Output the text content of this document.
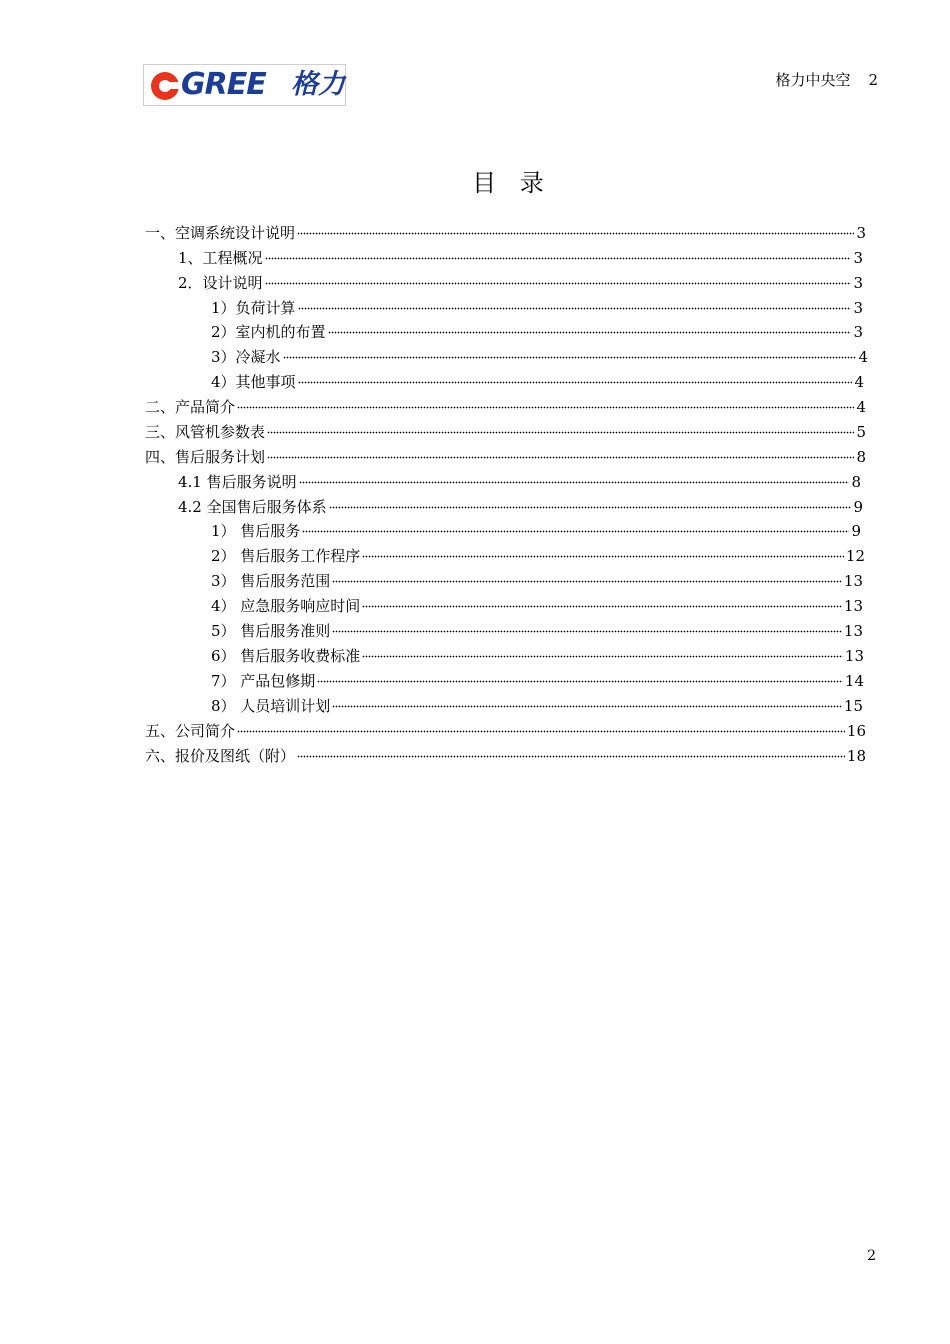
GREE 格力	格力中央空 2
目 录
一、空调系统设计说明	3
1、工程概况	3
2．设计说明	3
1）负荷计算	3
2）室内机的布置	3
3）冷凝水	4
4）其他事项	4
二、产品简介	4
三、风管机参数表	5
四、售后服务计划	8
4.1 售后服务说明	8
4.2 全国售后服务体系	9
1） 售后服务	9
2） 售后服务工作程序	12
3） 售后服务范围	13
4） 应急服务响应时间	13
5） 售后服务准则	13
6） 售后服务收费标准	13
7） 产品包修期	14
8） 人员培训计划	15
五、公司简介	16
六、报价及图纸（附）	18
2
